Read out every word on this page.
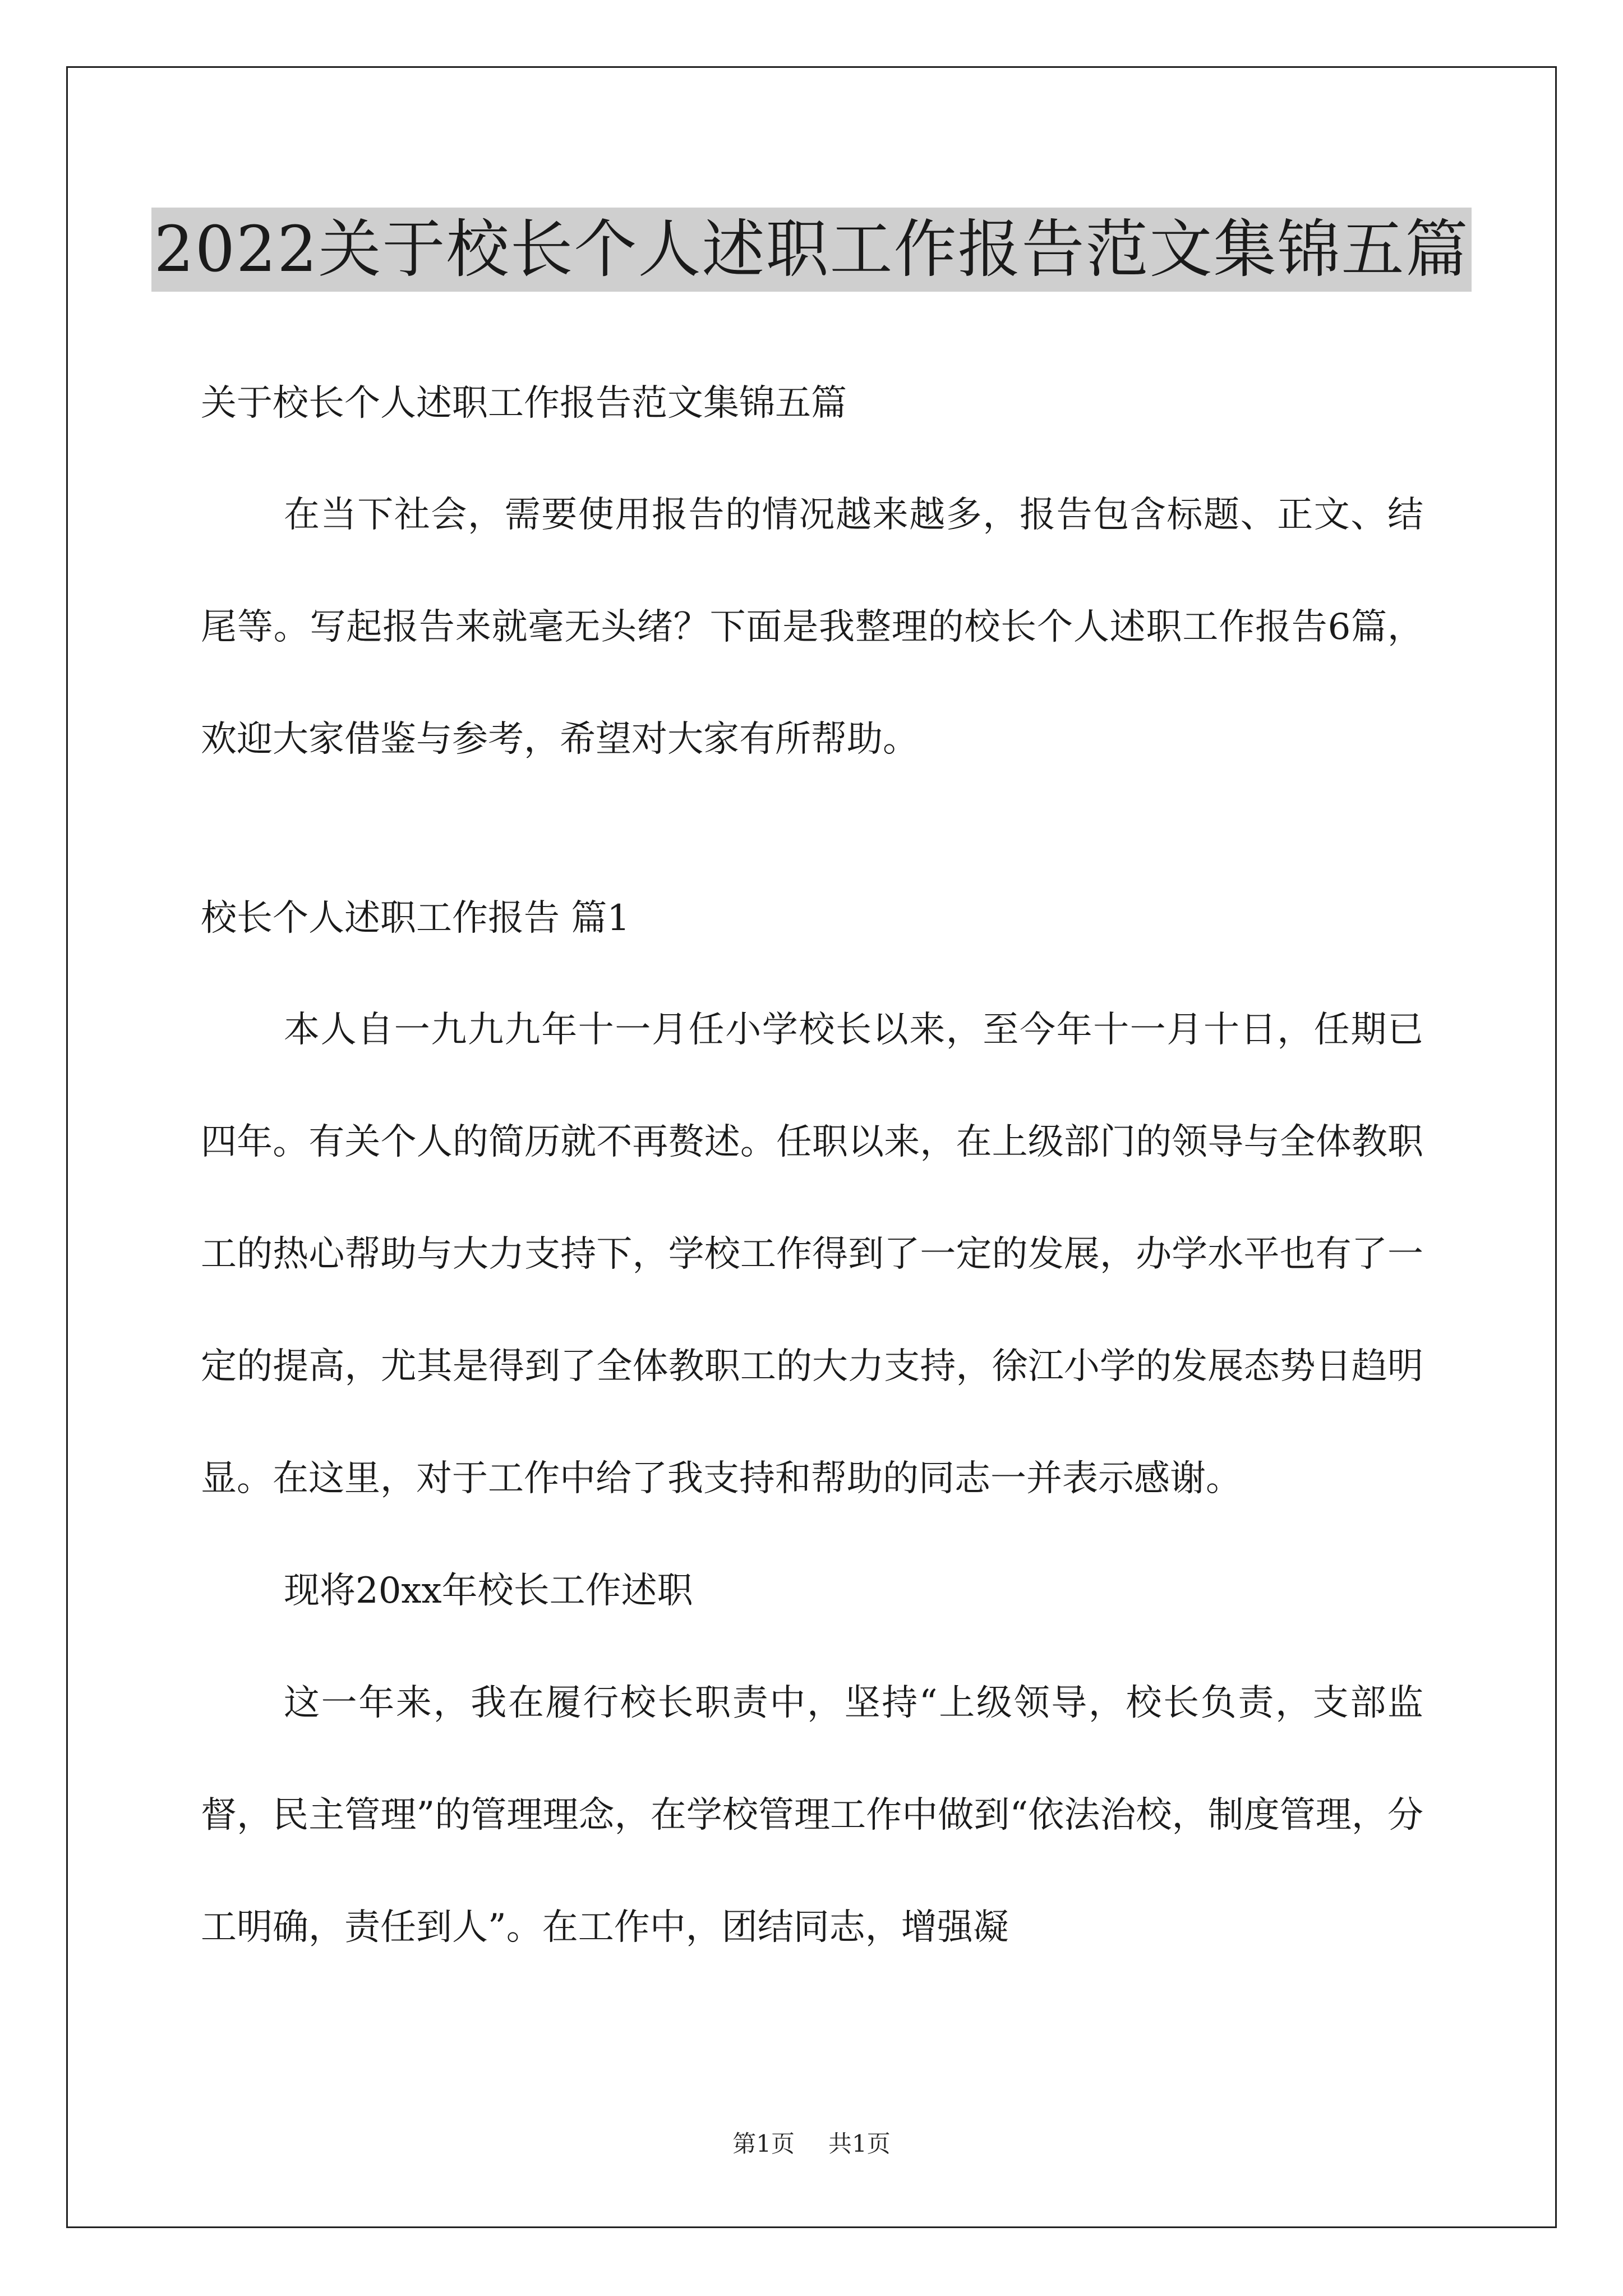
2022关于校长个人述职工作报告范文集锦五篇

关于校长个人述职工作报告范文集锦五篇

在当下社会，需要使用报告的情况越来越多，报告包含标题、正文、结尾等。写起报告来就毫无头绪？下面是我整理的校长个人述职工作报告6篇，欢迎大家借鉴与参考，希望对大家有所帮助。

校长个人述职工作报告 篇1

本人自一九九九年十一月任小学校长以来，至今年十一月十日，任期已四年。有关个人的简历就不再赘述。任职以来，在上级部门的领导与全体教职工的热心帮助与大力支持下，学校工作得到了一定的发展，办学水平也有了一定的提高，尤其是得到了全体教职工的大力支持，徐江小学的发展态势日趋明显。在这里，对于工作中给了我支持和帮助的同志一并表示感谢。

现将20xx年校长工作述职

这一年来，我在履行校长职责中，坚持“上级领导，校长负责，支部监督，民主管理”的管理理念，在学校管理工作中做到“依法治校，制度管理，分工明确，责任到人”。在工作中，团结同志，增强凝

第1页 共1页
